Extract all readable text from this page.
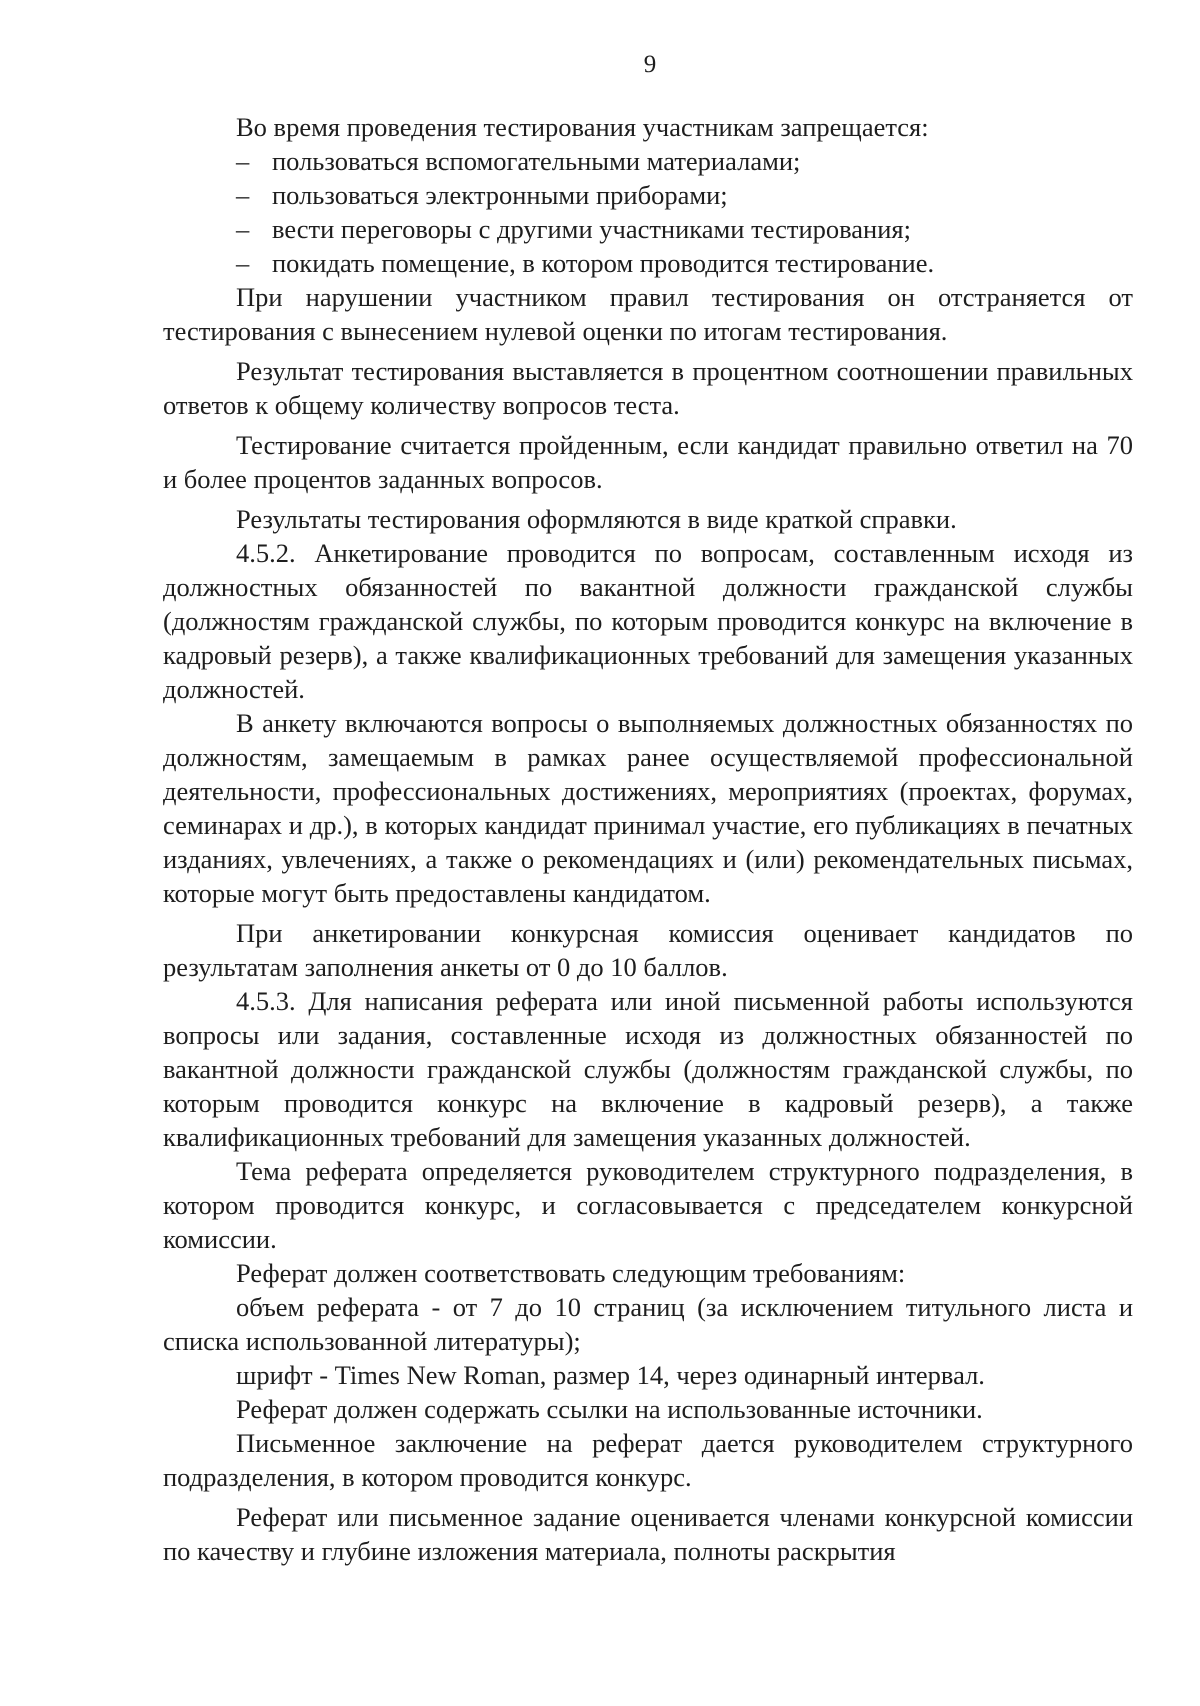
9

Во время проведения тестирования участникам запрещается:

– пользоваться вспомогательными материалами;

– пользоваться электронными приборами;

– вести переговоры с другими участниками тестирования;

– покидать помещение, в котором проводится тестирование.

При нарушении участником правил тестирования он отстраняется от тестирования с вынесением нулевой оценки по итогам тестирования.

Результат тестирования выставляется в процентном соотношении правильных ответов к общему количеству вопросов теста.

Тестирование считается пройденным, если кандидат правильно ответил на 70 и более процентов заданных вопросов.

Результаты тестирования оформляются в виде краткой справки.

4.5.2. Анкетирование проводится по вопросам, составленным исходя из должностных обязанностей по вакантной должности гражданской службы (должностям гражданской службы, по которым проводится конкурс на включение в кадровый резерв), а также квалификационных требований для замещения указанных должностей.

В анкету включаются вопросы о выполняемых должностных обязанностях по должностям, замещаемым в рамках ранее осуществляемой профессиональной деятельности, профессиональных достижениях, мероприятиях (проектах, форумах, семинарах и др.), в которых кандидат принимал участие, его публикациях в печатных изданиях, увлечениях, а также о рекомендациях и (или) рекомендательных письмах, которые могут быть предоставлены кандидатом.

При анкетировании конкурсная комиссия оценивает кандидатов по результатам заполнения анкеты от 0 до 10 баллов.

4.5.3. Для написания реферата или иной письменной работы используются вопросы или задания, составленные исходя из должностных обязанностей по вакантной должности гражданской службы (должностям гражданской службы, по которым проводится конкурс на включение в кадровый резерв), а также квалификационных требований для замещения указанных должностей.

Тема реферата определяется руководителем структурного подразделения, в котором проводится конкурс, и согласовывается с председателем конкурсной комиссии.

Реферат должен соответствовать следующим требованиям:

объем реферата - от 7 до 10 страниц (за исключением титульного листа и списка использованной литературы);

шрифт - Times New Roman, размер 14, через одинарный интервал.

Реферат должен содержать ссылки на использованные источники.

Письменное заключение на реферат дается руководителем структурного подразделения, в котором проводится конкурс.

Реферат или письменное задание оценивается членами конкурсной комиссии по качеству и глубине изложения материала, полноты раскрытия
